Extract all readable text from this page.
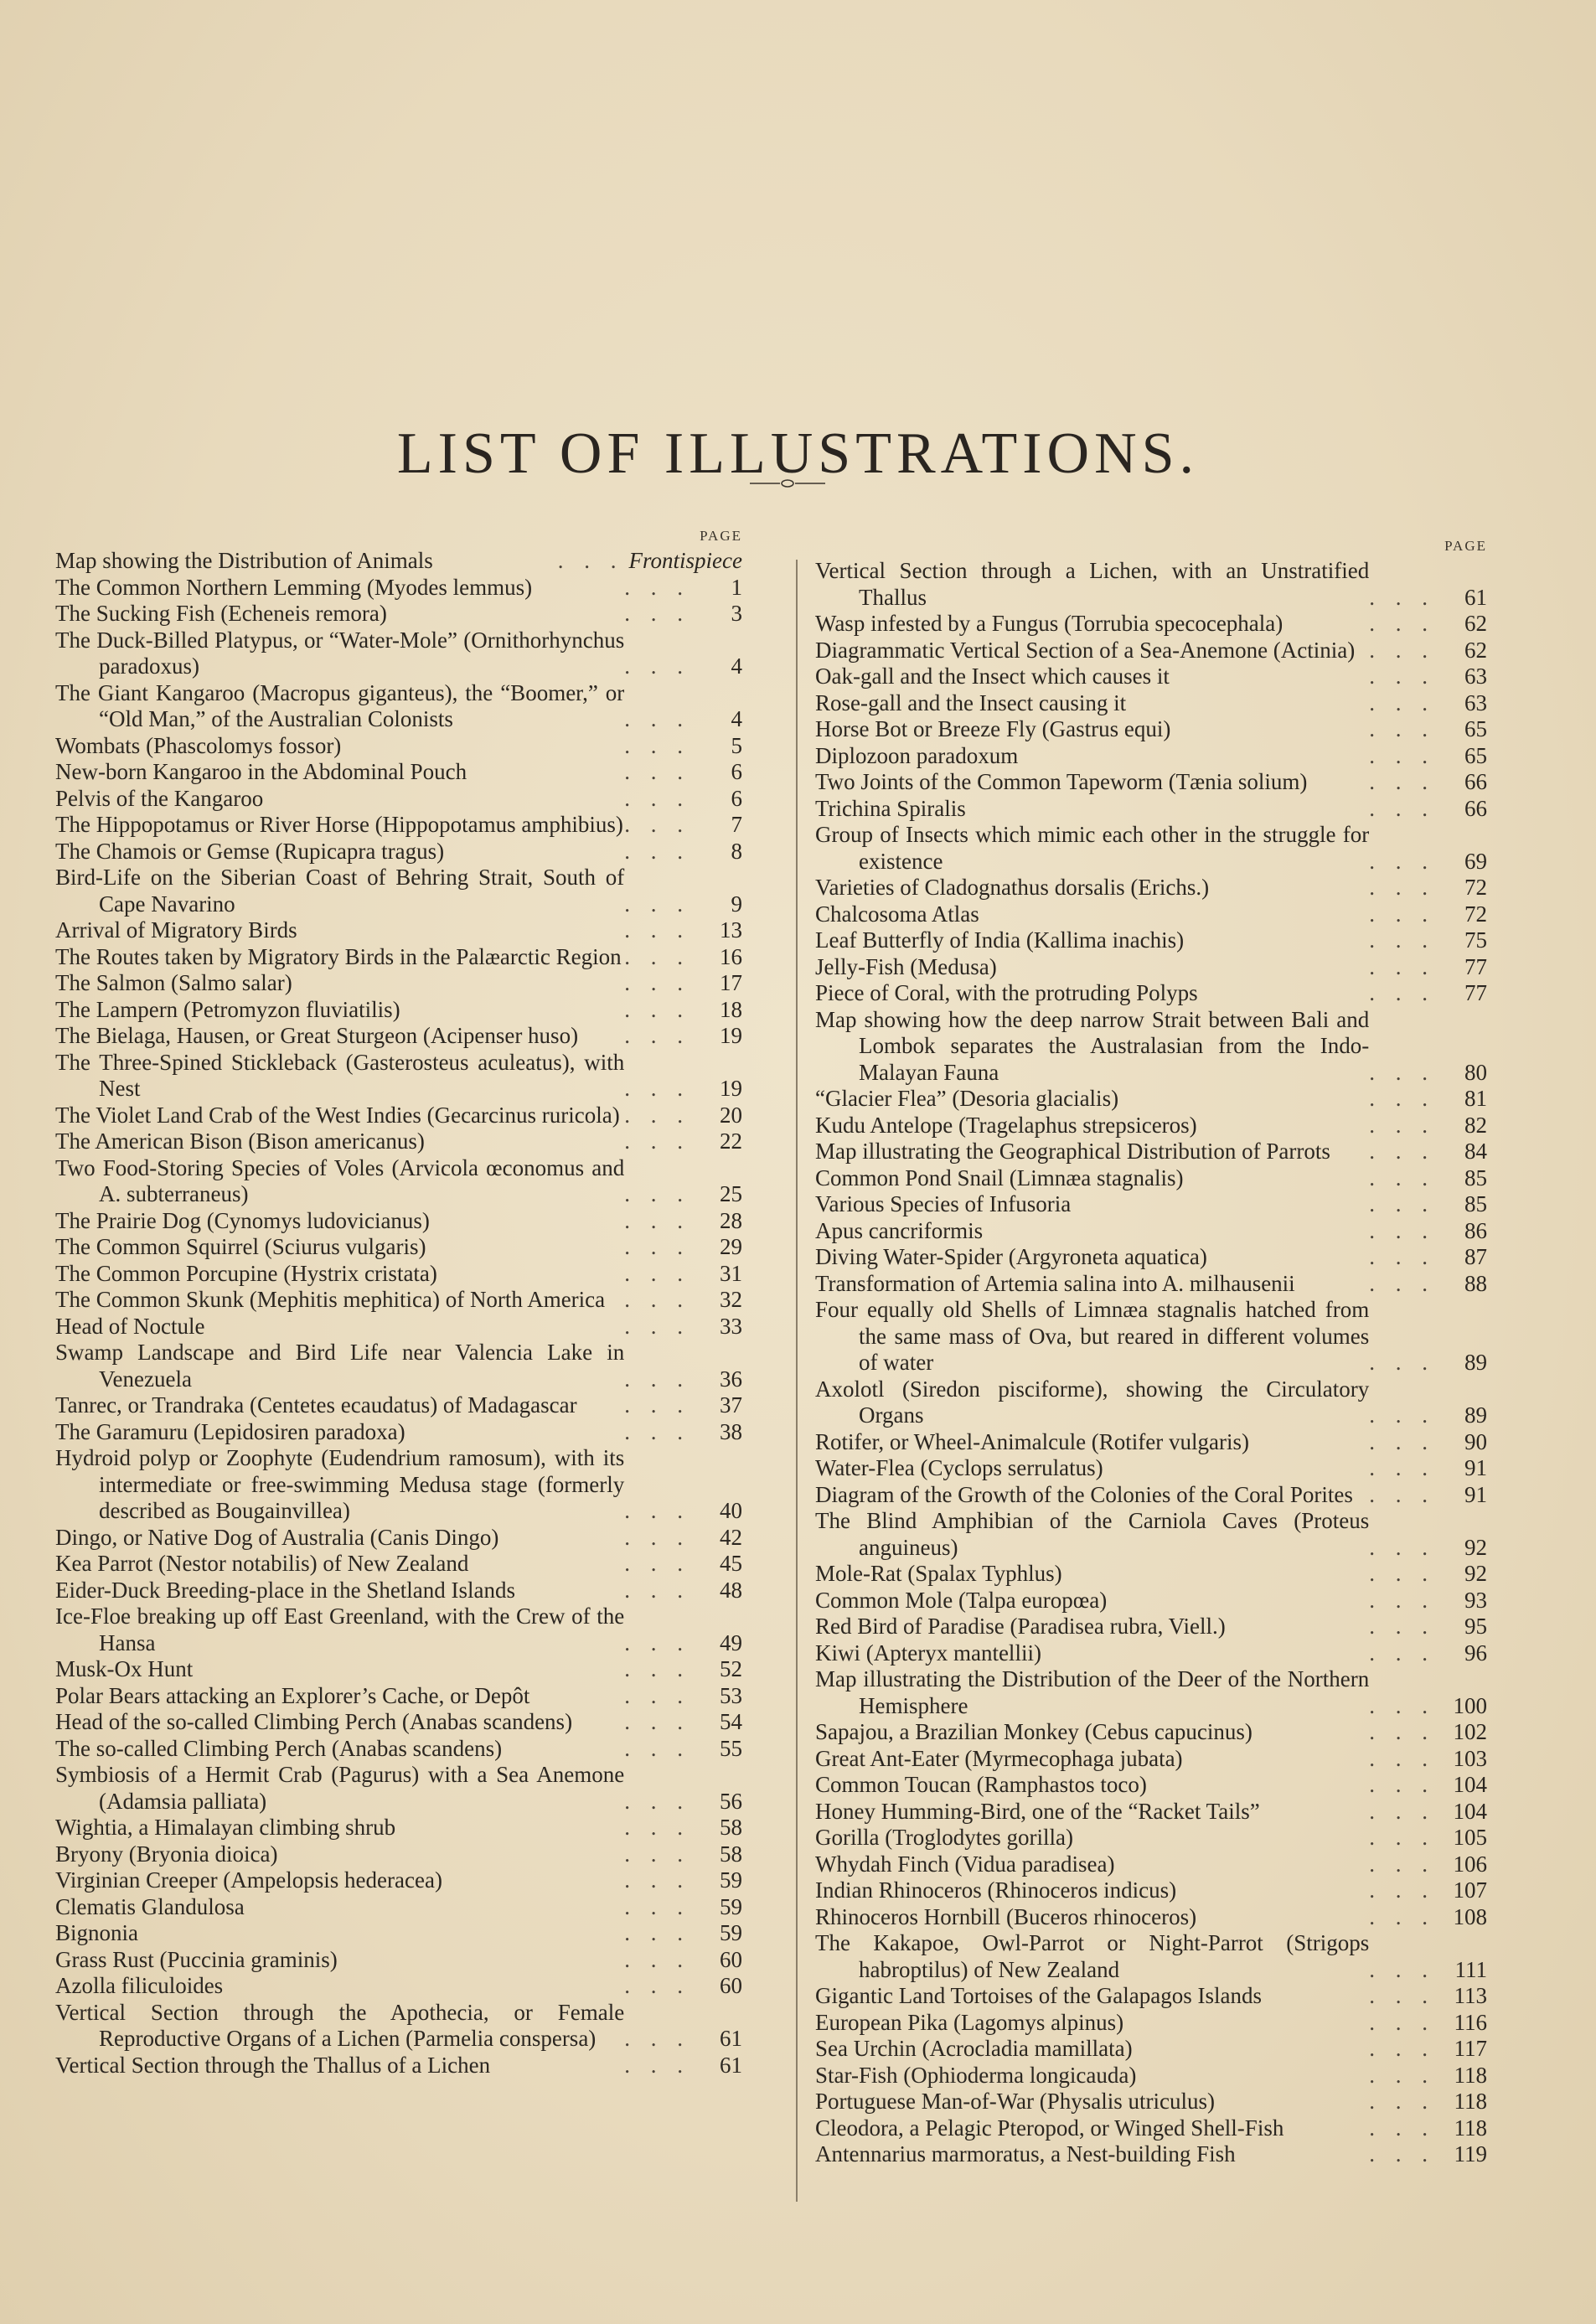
LIST OF ILLUSTRATIONS.
PAGE
Map showing the Distribution of Animals	. . . Frontispiece
The Common Northern Lemming (Myodes lemmus)	. . .	1
The Sucking Fish (Echeneis remora)	. . .	3
The Duck-Billed Platypus, or “Water-Mole” (Ornithorhynchus paradoxus)	. . .	4
The Giant Kangaroo (Macropus giganteus), the “Boomer,” or “Old Man,” of the Australian Colonists	. . .	4
Wombats (Phascolomys fossor)	. . .	5
New-born Kangaroo in the Abdominal Pouch	. . .	6
Pelvis of the Kangaroo	. . .	6
The Hippopotamus or River Horse (Hippopotamus amphibius) . . .	7
The Chamois or Gemse (Rupicapra tragus)	. . .	8
Bird-Life on the Siberian Coast of Behring Strait, South of Cape Navarino	. . .	9
Arrival of Migratory Birds	. . .	13
The Routes taken by Migratory Birds in the Palæarctic Region . . .	16
The Salmon (Salmo salar)	. . .	17
The Lampern (Petromyzon fluviatilis)	. . .	18
The Bielaga, Hausen, or Great Sturgeon (Acipenser huso)	. . .	19
The Three-Spined Stickleback (Gasterosteus aculeatus), with Nest	. . .	19
The Violet Land Crab of the West Indies (Gecarcinus ruricola) . . .	20
The American Bison (Bison americanus)	. . .	22
Two Food-Storing Species of Voles (Arvicola œconomus and A. subterraneus)	. . .	25
The Prairie Dog (Cynomys ludovicianus)	. . .	28
The Common Squirrel (Sciurus vulgaris)	. . .	29
The Common Porcupine (Hystrix cristata)	. . .	31
The Common Skunk (Mephitis mephitica) of North America . . .	32
Head of Noctule	. . .	33
Swamp Landscape and Bird Life near Valencia Lake in Venezuela	. . .	36
Tanrec, or Trandraka (Centetes ecaudatus) of Madagascar	. . .	37
The Garamuru (Lepidosiren paradoxa)	. . .	38
Hydroid polyp or Zoophyte (Eudendrium ramosum), with its intermediate or free-swimming Medusa stage (formerly described as Bougainvillea)	. . .	40
Dingo, or Native Dog of Australia (Canis Dingo)	. . .	42
Kea Parrot (Nestor notabilis) of New Zealand	. . .	45
Eider-Duck Breeding-place in the Shetland Islands	. . .	48
Ice-Floe breaking up off East Greenland, with the Crew of the Hansa	. . .	49
Musk-Ox Hunt	. . .	52
Polar Bears attacking an Explorer’s Cache, or Depôt	. . .	53
Head of the so-called Climbing Perch (Anabas scandens)	. . .	54
The so-called Climbing Perch (Anabas scandens)	. . .	55
Symbiosis of a Hermit Crab (Pagurus) with a Sea Anemone (Adamsia palliata)	. . .	56
Wightia, a Himalayan climbing shrub	. . .	58
Bryony (Bryonia dioica)	. . .	58
Virginian Creeper (Ampelopsis hederacea)	. . .	59
Clematis Glandulosa	. . .	59
Bignonia	. . .	59
Grass Rust (Puccinia graminis)	. . .	60
Azolla filiculoides	. . .	60
Vertical Section through the Apothecia, or Female Reproductive Organs of a Lichen (Parmelia conspersa)	. . .	61
Vertical Section through the Thallus of a Lichen	. . .	61
PAGE
Vertical Section through a Lichen, with an Unstratified Thallus	. . .	61
Wasp infested by a Fungus (Torrubia specocephala)	. . .	62
Diagrammatic Vertical Section of a Sea-Anemone (Actinia) . . .	62
Oak-gall and the Insect which causes it	. . .	63
Rose-gall and the Insect causing it	. . .	63
Horse Bot or Breeze Fly (Gastrus equi)	. . .	65
Diplozoon paradoxum	. . .	65
Two Joints of the Common Tapeworm (Tænia solium)	. . .	66
Trichina Spiralis	. . .	66
Group of Insects which mimic each other in the struggle for existence	. . .	69
Varieties of Cladognathus dorsalis (Erichs.)	. . .	72
Chalcosoma Atlas	. . .	72
Leaf Butterfly of India (Kallima inachis)	. . .	75
Jelly-Fish (Medusa)	. . .	77
Piece of Coral, with the protruding Polyps	. . .	77
Map showing how the deep narrow Strait between Bali and Lombok separates the Australasian from the Indo-Malayan Fauna	. . .	80
“Glacier Flea” (Desoria glacialis)	. . .	81
Kudu Antelope (Tragelaphus strepsiceros)	. . .	82
Map illustrating the Geographical Distribution of Parrots	. . .	84
Common Pond Snail (Limnæa stagnalis)	. . .	85
Various Species of Infusoria	. . .	85
Apus cancriformis	. . .	86
Diving Water-Spider (Argyroneta aquatica)	. . .	87
Transformation of Artemia salina into A. milhausenii	. . .	88
Four equally old Shells of Limnæa stagnalis hatched from the same mass of Ova, but reared in different volumes of water	. . .	89
Axolotl (Siredon pisciforme), showing the Circulatory Organs	. . .	89
Rotifer, or Wheel-Animalcule (Rotifer vulgaris)	. . .	90
Water-Flea (Cyclops serrulatus)	. . .	91
Diagram of the Growth of the Colonies of the Coral Porites . . .	91
The Blind Amphibian of the Carniola Caves (Proteus anguineus)	. . .	92
Mole-Rat (Spalax Typhlus)	. . .	92
Common Mole (Talpa europœa)	. . .	93
Red Bird of Paradise (Paradisea rubra, Viell.)	. . .	95
Kiwi (Apteryx mantellii)	. . .	96
Map illustrating the Distribution of the Deer of the Northern Hemisphere	. . . 100
Sapajou, a Brazilian Monkey (Cebus capucinus)	. . . 102
Great Ant-Eater (Myrmecophaga jubata)	. . . 103
Common Toucan (Ramphastos toco)	. . . 104
Honey Humming-Bird, one of the “Racket Tails”	. . . 104
Gorilla (Troglodytes gorilla)	. . . 105
Whydah Finch (Vidua paradisea)	. . . 106
Indian Rhinoceros (Rhinoceros indicus)	. . . 107
Rhinoceros Hornbill (Buceros rhinoceros)	. . . 108
The Kakapoe, Owl-Parrot or Night-Parrot (Strigops habroptilus) of New Zealand	. . . 111
Gigantic Land Tortoises of the Galapagos Islands	. . . 113
European Pika (Lagomys alpinus)	. . . 116
Sea Urchin (Acrocladia mamillata)	. . . 117
Star-Fish (Ophioderma longicauda)	. . . 118
Portuguese Man-of-War (Physalis utriculus)	. . . 118
Cleodora, a Pelagic Pteropod, or Winged Shell-Fish	. . . 118
Antennarius marmoratus, a Nest-building Fish	. . . 119
